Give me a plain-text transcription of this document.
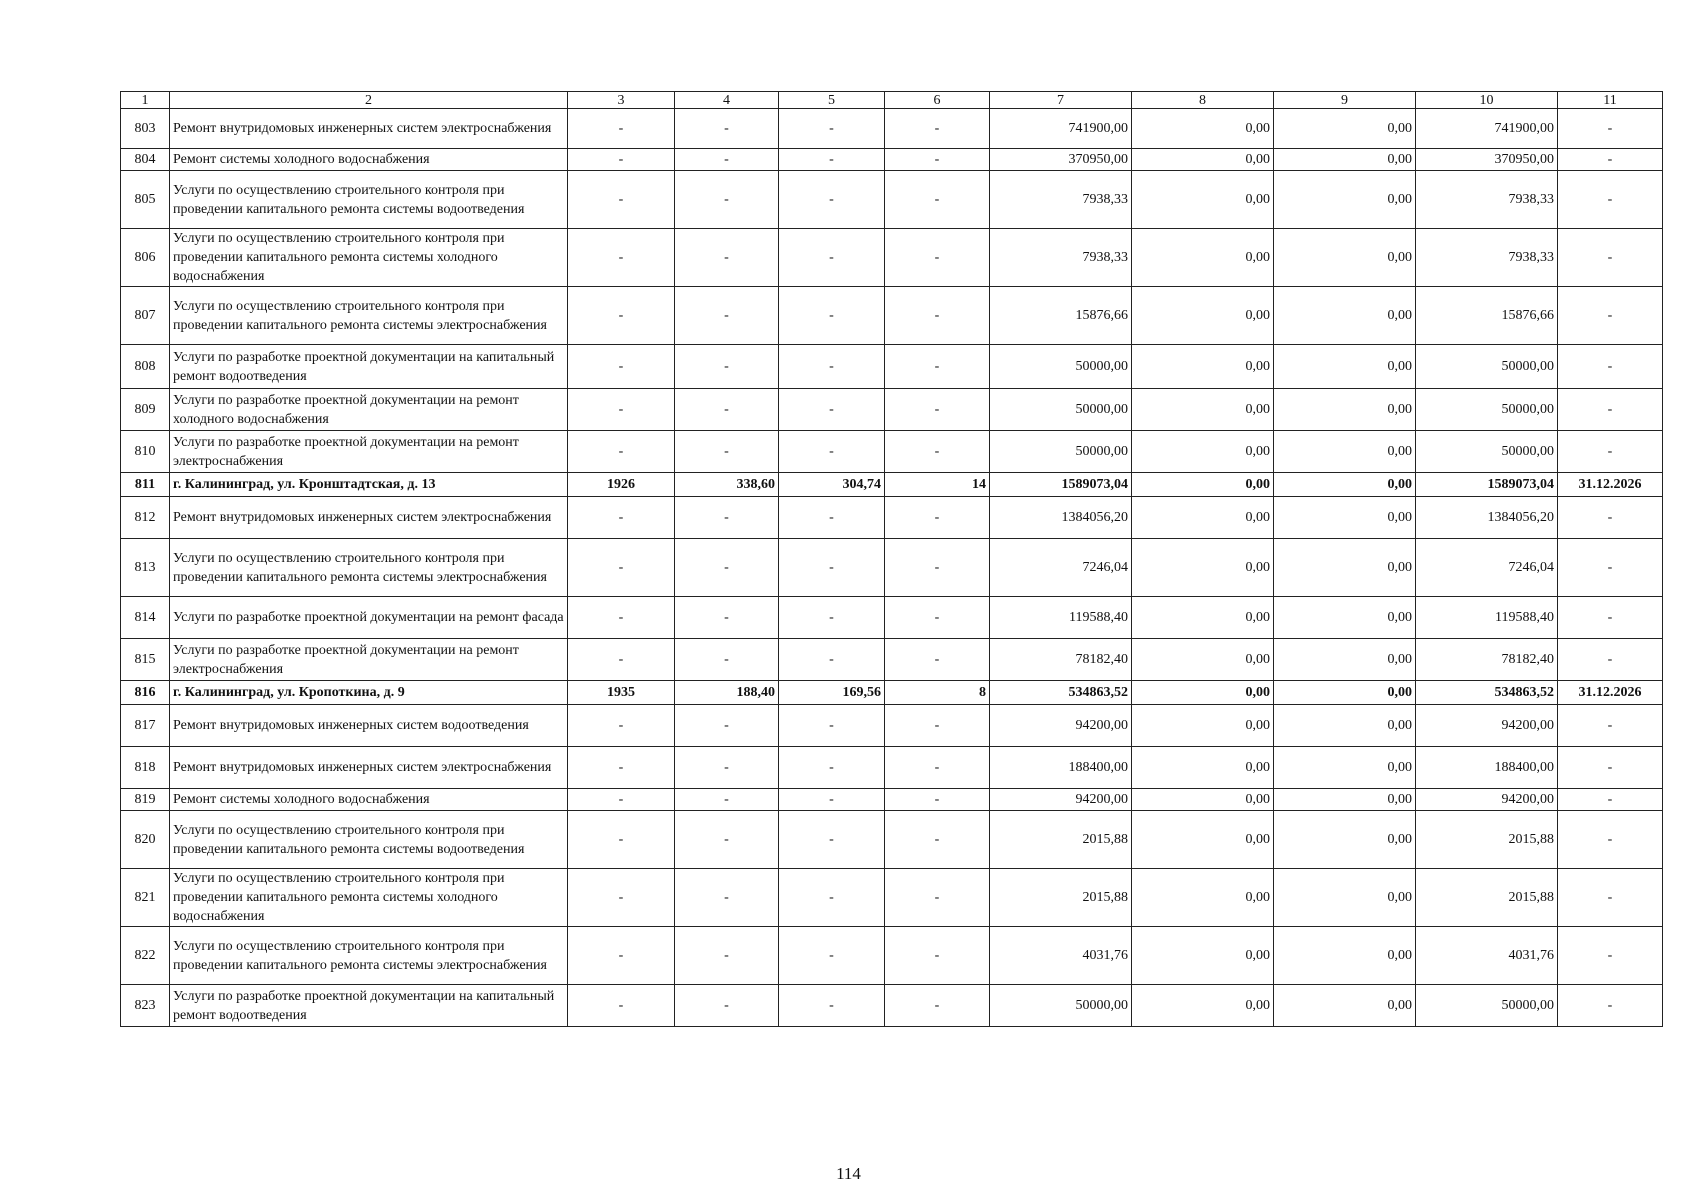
1	2	3	4	5	6	7	8	9	10	11
803	Ремонт внутридомовых инженерных систем электроснабжения	-	-	-	-	741900,00	0,00	0,00	741900,00	-
804	Ремонт системы холодного водоснабжения	-	-	-	-	370950,00	0,00	0,00	370950,00	-
805	Услуги по осуществлению строительного контроля при проведении капитального ремонта системы водоотведения	-	-	-	-	7938,33	0,00	0,00	7938,33	-
806	Услуги по осуществлению строительного контроля при проведении капитального ремонта системы холодного водоснабжения	-	-	-	-	7938,33	0,00	0,00	7938,33	-
807	Услуги по осуществлению строительного контроля при проведении капитального ремонта системы электроснабжения	-	-	-	-	15876,66	0,00	0,00	15876,66	-
808	Услуги по разработке проектной документации на капитальный ремонт водоотведения	-	-	-	-	50000,00	0,00	0,00	50000,00	-
809	Услуги по разработке проектной документации на ремонт холодного водоснабжения	-	-	-	-	50000,00	0,00	0,00	50000,00	-
810	Услуги по разработке проектной документации на ремонт электроснабжения	-	-	-	-	50000,00	0,00	0,00	50000,00	-
811	г. Калининград, ул. Кронштадтская, д. 13	1926	338,60	304,74	14	1589073,04	0,00	0,00	1589073,04	31.12.2026
812	Ремонт внутридомовых инженерных систем электроснабжения	-	-	-	-	1384056,20	0,00	0,00	1384056,20	-
813	Услуги по осуществлению строительного контроля при проведении капитального ремонта системы электроснабжения	-	-	-	-	7246,04	0,00	0,00	7246,04	-
814	Услуги по разработке проектной документации на ремонт фасада	-	-	-	-	119588,40	0,00	0,00	119588,40	-
815	Услуги по разработке проектной документации на ремонт электроснабжения	-	-	-	-	78182,40	0,00	0,00	78182,40	-
816	г. Калининград, ул. Кропоткина, д. 9	1935	188,40	169,56	8	534863,52	0,00	0,00	534863,52	31.12.2026
817	Ремонт внутридомовых инженерных систем водоотведения	-	-	-	-	94200,00	0,00	0,00	94200,00	-
818	Ремонт внутридомовых инженерных систем электроснабжения	-	-	-	-	188400,00	0,00	0,00	188400,00	-
819	Ремонт системы холодного водоснабжения	-	-	-	-	94200,00	0,00	0,00	94200,00	-
820	Услуги по осуществлению строительного контроля при проведении капитального ремонта системы водоотведения	-	-	-	-	2015,88	0,00	0,00	2015,88	-
821	Услуги по осуществлению строительного контроля при проведении капитального ремонта системы холодного водоснабжения	-	-	-	-	2015,88	0,00	0,00	2015,88	-
822	Услуги по осуществлению строительного контроля при проведении капитального ремонта системы электроснабжения	-	-	-	-	4031,76	0,00	0,00	4031,76	-
823	Услуги по разработке проектной документации на капитальный ремонт водоотведения	-	-	-	-	50000,00	0,00	0,00	50000,00	-
114
